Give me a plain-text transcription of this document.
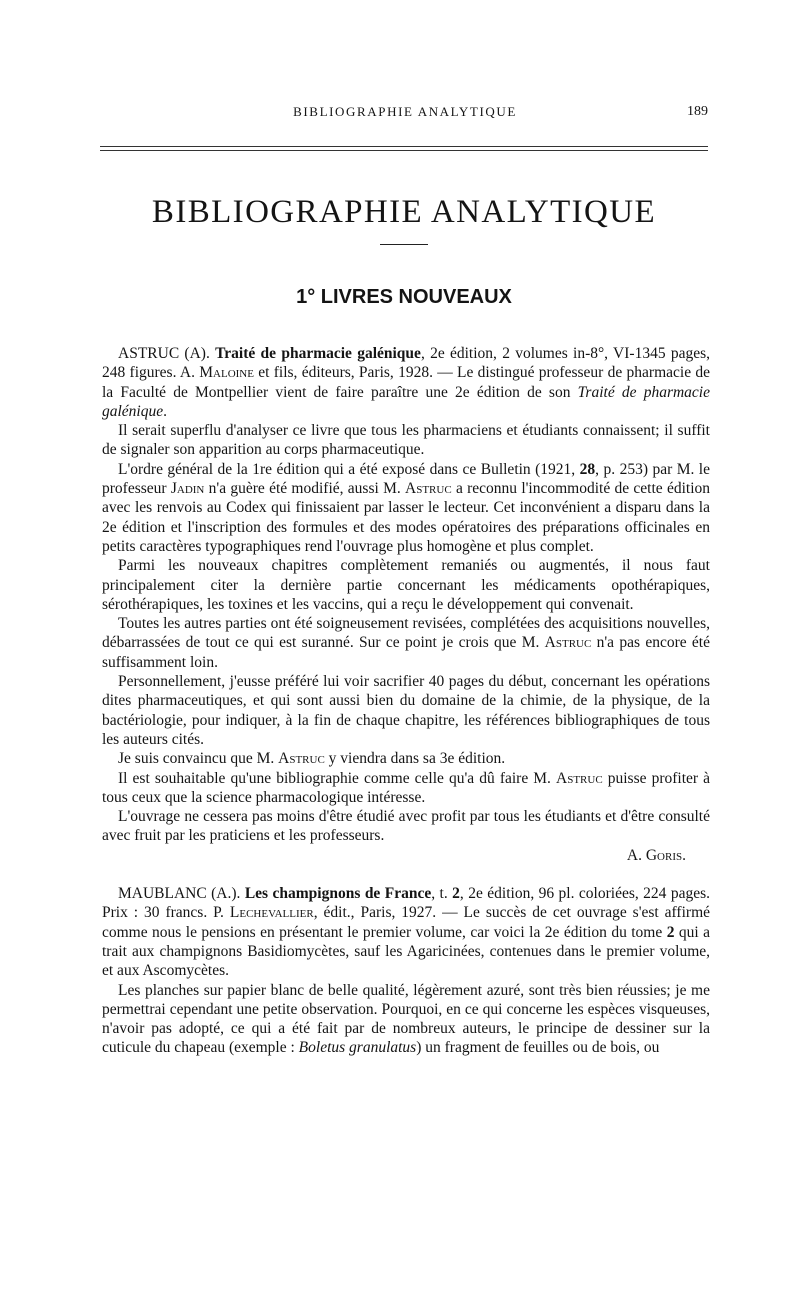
BIBLIOGRAPHIE ANALYTIQUE	189
BIBLIOGRAPHIE ANALYTIQUE
1° LIVRES NOUVEAUX

ASTRUC (A). Traité de pharmacie galénique, 2e édition, 2 volumes in-8°, VI-1345 pages, 248 figures. A. Maloine et fils, éditeurs, Paris, 1928. — Le distingué professeur de pharmacie de la Faculté de Montpellier vient de faire paraître une 2e édition de son Traité de pharmacie galénique.

Il serait superflu d'analyser ce livre que tous les pharmaciens et étudiants connaissent; il suffit de signaler son apparition au corps pharmaceutique.

L'ordre général de la 1re édition qui a été exposé dans ce Bulletin (1921, 28, p. 253) par M. le professeur Jadin n'a guère été modifié, aussi M. Astruc a reconnu l'incommodité de cette édition avec les renvois au Codex qui finissaient par lasser le lecteur. Cet inconvénient a disparu dans la 2e édition et l'inscription des formules et des modes opératoires des préparations officinales en petits caractères typographiques rend l'ouvrage plus homogène et plus complet.

Parmi les nouveaux chapitres complètement remaniés ou augmentés, il nous faut principalement citer la dernière partie concernant les médicaments opothérapiques, sérothérapiques, les toxines et les vaccins, qui a reçu le développement qui convenait.

Toutes les autres parties ont été soigneusement revisées, complétées des acquisitions nouvelles, débarrassées de tout ce qui est suranné. Sur ce point je crois que M. Astruc n'a pas encore été suffisamment loin.

Personnellement, j'eusse préféré lui voir sacrifier 40 pages du début, concernant les opérations dites pharmaceutiques, et qui sont aussi bien du domaine de la chimie, de la physique, de la bactériologie, pour indiquer, à la fin de chaque chapitre, les références bibliographiques de tous les auteurs cités.

Je suis convaincu que M. Astruc y viendra dans sa 3e édition.

Il est souhaitable qu'une bibliographie comme celle qu'a dû faire M. Astruc puisse profiter à tous ceux que la science pharmacologique intéresse.

L'ouvrage ne cessera pas moins d'être étudié avec profit par tous les étudiants et d'être consulté avec fruit par les praticiens et les professeurs.

A. Goris.

MAUBLANC (A.). Les champignons de France, t. 2, 2e édition, 96 pl. coloriées, 224 pages. Prix : 30 francs. P. Lechevallier, édit., Paris, 1927. — Le succès de cet ouvrage s'est affirmé comme nous le pensions en présentant le premier volume, car voici la 2e édition du tome 2 qui a trait aux champignons Basidiomycètes, sauf les Agaricinées, contenues dans le premier volume, et aux Ascomycètes.

Les planches sur papier blanc de belle qualité, légèrement azuré, sont très bien réussies; je me permettrai cependant une petite observation. Pourquoi, en ce qui concerne les espèces visqueuses, n'avoir pas adopté, ce qui a été fait par de nombreux auteurs, le principe de dessiner sur la cuticule du chapeau (exemple : Boletus granulatus) un fragment de feuilles ou de bois, ou
